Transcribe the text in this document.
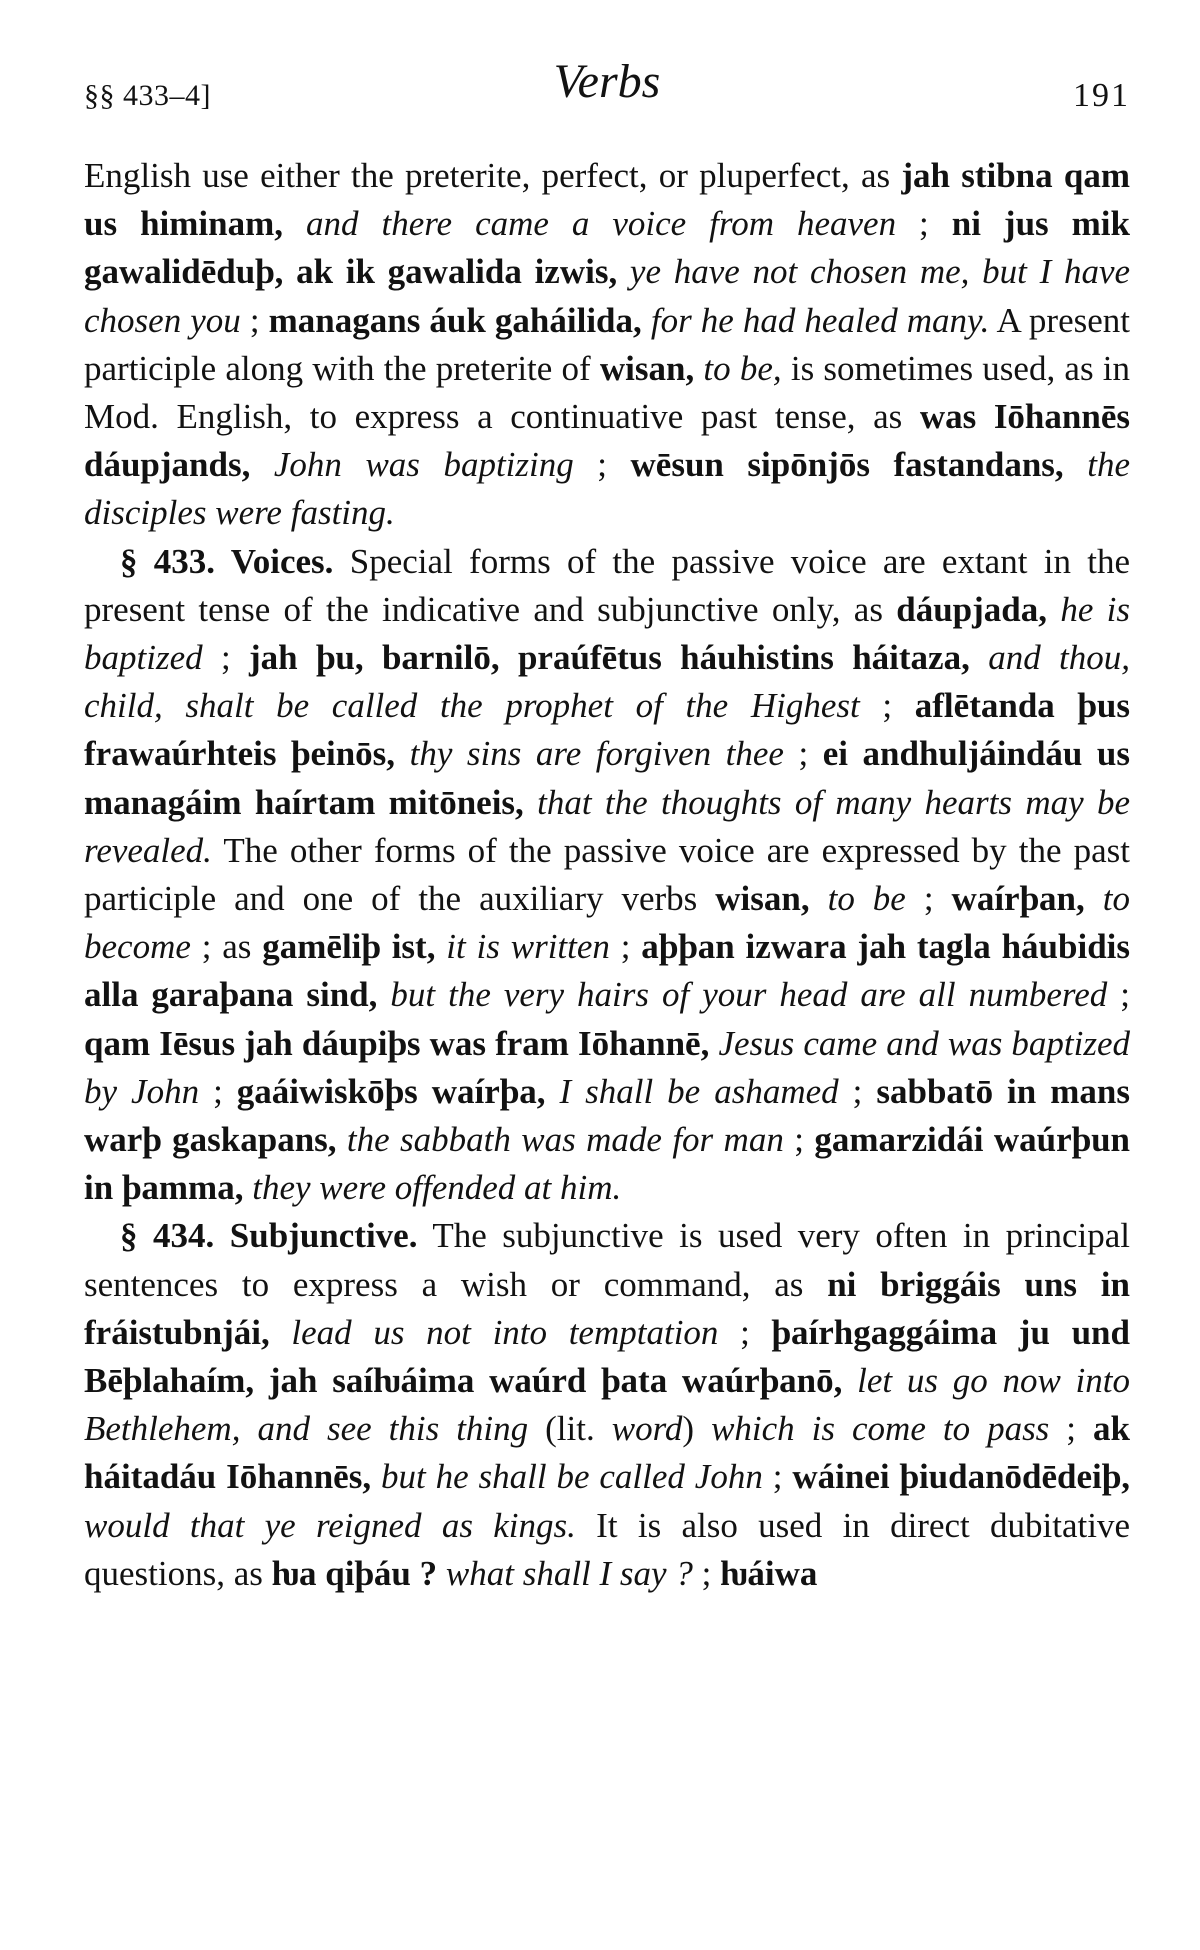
§§ 433–4]	Verbs	191

English use either the preterite, perfect, or pluperfect, as jah stibna qam us himinam, and there came a voice from heaven ; ni jus mik gawalidēduþ, ak ik gawalida izwis, ye have not chosen me, but I have chosen you ; managans áuk gaháilida, for he had healed many. A present participle along with the preterite of wisan, to be, is sometimes used, as in Mod. English, to express a continuative past tense, as was Iōhannēs dáupjands, John was baptizing ; wēsun sipōnjōs fastandans, the disciples were fasting.

§ 433. Voices. Special forms of the passive voice are extant in the present tense of the indicative and subjunctive only, as dáupjada, he is baptized ; jah þu, barnilō, praúfētus háuhistins háitaza, and thou, child, shalt be called the prophet of the Highest ; aflētanda þus frawaúrhteis þeinōs, thy sins are forgiven thee ; ei andhuljáindáu us managáim haírtam mitōneis, that the thoughts of many hearts may be revealed. The other forms of the passive voice are expressed by the past participle and one of the auxiliary verbs wisan, to be ; waírþan, to become ; as gamēliþ ist, it is written ; aþþan izwara jah tagla háubidis alla garaþana sind, but the very hairs of your head are all numbered ; qam Iēsus jah dáupiþs was fram Iōhannē, Jesus came and was baptized by John ; gaáiwiskōþs waírþa, I shall be ashamed ; sabbatō in mans warþ gaskapans, the sabbath was made for man ; gamarzidái waúrþun in þamma, they were offended at him.

§ 434. Subjunctive. The subjunctive is used very often in principal sentences to express a wish or command, as ni briggáis uns in fráistubnjái, lead us not into temptation ; þaírhgaggáima ju und Bēþlahaím, jah saíƕáima waúrd þata waúrþanō, let us go now into Bethlehem, and see this thing (lit. word) which is come to pass ; ak háitadáu Iōhannēs, but he shall be called John ; wáinei þiudanōdēdeiþ, would that ye reigned as kings. It is also used in direct dubitative questions, as ƕa qiþáu ? what shall I say ? ; ƕáiwa
